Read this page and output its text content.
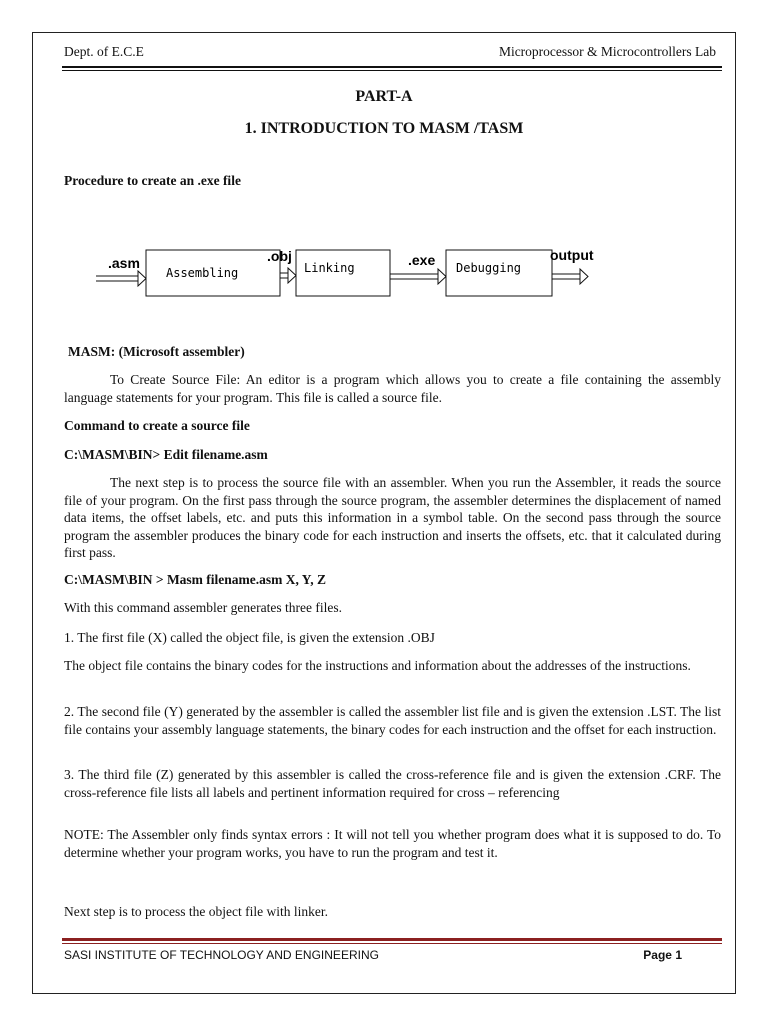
Dept. of E.C.E	Microprocessor & Microcontrollers Lab
PART-A
1. INTRODUCTION TO MASM /TASM
Procedure to create an .exe file
.asm
Assembling
.obj
Linking	.exe Debugging
output
MASM: (Microsoft assembler)
To Create Source File: An editor is a program which allows you to create a file containing the assembly language statements for your program. This file is called a source file.
Command to create a source file
C:\MASM\BIN> Edit filename.asm
The next step is to process the source file with an assembler. When you run the Assembler, it reads the source file of your program. On the first pass through the source program, the assembler determines the displacement of named data items, the offset labels, etc. and puts this information in a symbol table. On the second pass through the source program the assembler produces the binary code for each instruction and inserts the offsets, etc. that it calculated during first pass.
C:\MASM\BIN > Masm filename.asm X, Y, Z
With this command assembler generates three files.
1. The first file (X) called the object file, is given the extension .OBJ
The object file contains the binary codes for the instructions and information about the addresses of the instructions.
2. The second file (Y) generated by the assembler is called the assembler list file and is given the extension .LST. The list file contains your assembly language statements, the binary codes for each instruction and the offset for each instruction.
3. The third file (Z) generated by this assembler is called the cross-reference file and is given the extension .CRF. The cross-reference file lists all labels and pertinent information required for cross – referencing
NOTE: The Assembler only finds syntax errors : It will not tell you whether program does what it is supposed to do. To determine whether your program works, you have to run the program and test it.
Next step is to process the object file with linker.
SASI INSTITUTE OF TECHNOLOGY AND ENGINEERING	Page 1
